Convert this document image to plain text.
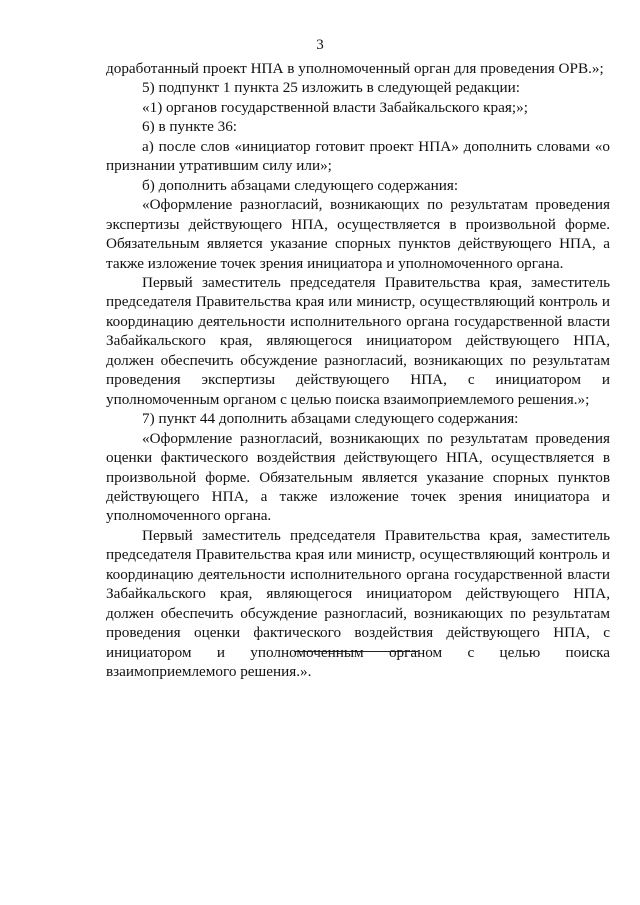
3

доработанный проект НПА в уполномоченный орган для проведения ОРВ.»;

5) подпункт 1 пункта 25 изложить в следующей редакции:

«1) органов государственной власти Забайкальского края;»;

6) в пункте 36:

а) после слов «инициатор готовит проект НПА» дополнить словами «о признании утратившим силу или»;

б) дополнить абзацами следующего содержания:

«Оформление разногласий, возникающих по результатам проведения экспертизы действующего НПА, осуществляется в произвольной форме. Обязательным является указание спорных пунктов действующего НПА, а также изложение точек зрения инициатора и уполномоченного органа.

Первый заместитель председателя Правительства края, заместитель председателя Правительства края или министр, осуществляющий контроль и координацию деятельности исполнительного органа государственной власти Забайкальского края, являющегося инициатором действующего НПА, должен обеспечить обсуждение разногласий, возникающих по результатам проведения экспертизы действующего НПА, с инициатором и уполномоченным органом с целью поиска взаимоприемлемого решения.»;

7) пункт 44 дополнить абзацами следующего содержания:

«Оформление разногласий, возникающих по результатам проведения оценки фактического воздействия действующего НПА, осуществляется в произвольной форме. Обязательным является указание спорных пунктов действующего НПА, а также изложение точек зрения инициатора и уполномоченного органа.

Первый заместитель председателя Правительства края, заместитель председателя Правительства края или министр, осуществляющий контроль и координацию деятельности исполнительного органа государственной власти Забайкальского края, являющегося инициатором действующего НПА, должен обеспечить обсуждение разногласий, возникающих по результатам проведения оценки фактического воздействия действующего НПА, с инициатором и уполномоченным органом с целью поиска взаимоприемлемого решения.».
